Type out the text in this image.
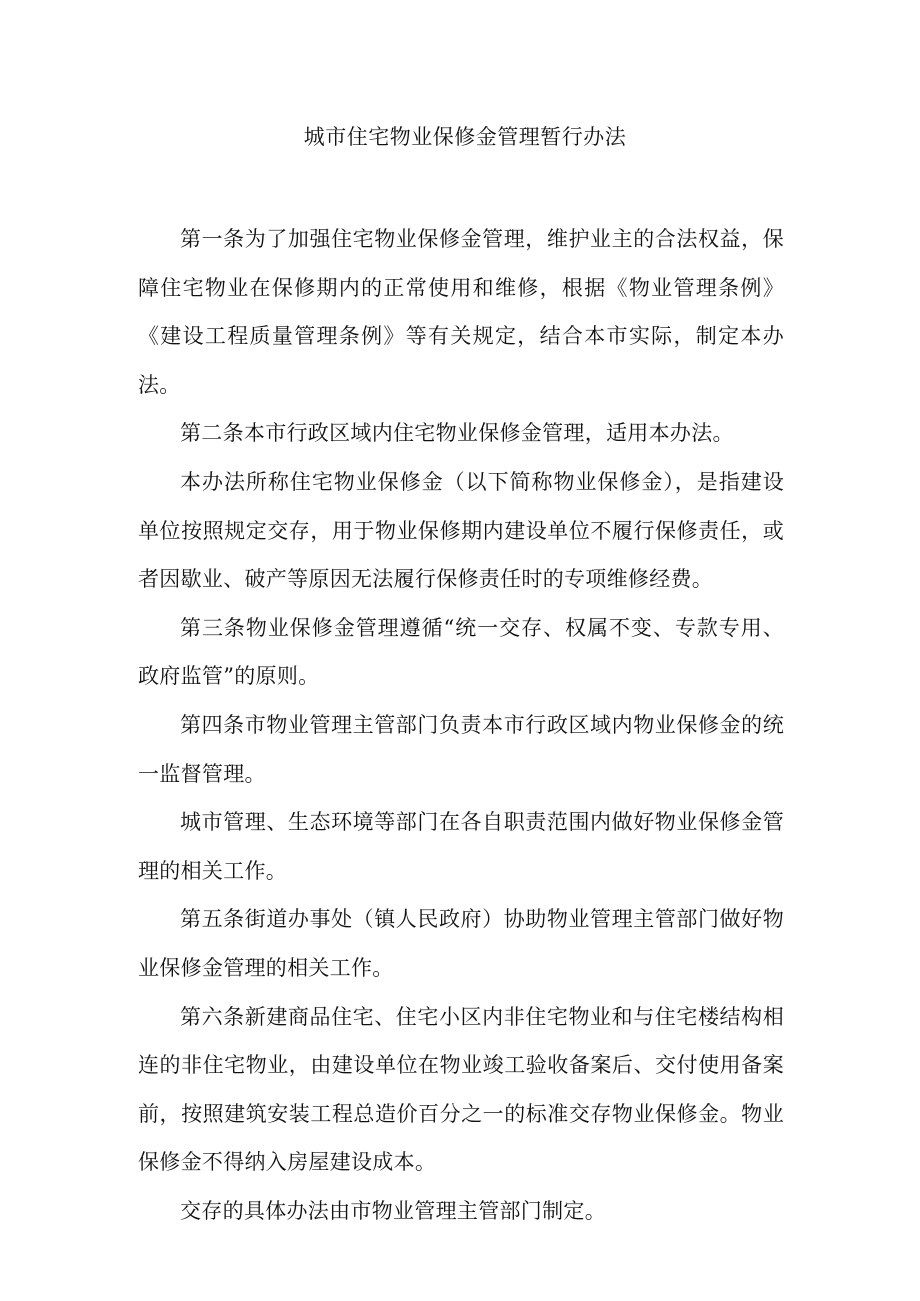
城市住宅物业保修金管理暂行办法

第一条为了加强住宅物业保修金管理，维护业主的合法权益，保障住宅物业在保修期内的正常使用和维修，根据《物业管理条例》《建设工程质量管理条例》等有关规定，结合本市实际，制定本办法。

第二条本市行政区域内住宅物业保修金管理，适用本办法。

本办法所称住宅物业保修金（以下简称物业保修金），是指建设单位按照规定交存，用于物业保修期内建设单位不履行保修责任，或者因歇业、破产等原因无法履行保修责任时的专项维修经费。

第三条物业保修金管理遵循“统一交存、权属不变、专款专用、政府监管”的原则。

第四条市物业管理主管部门负责本市行政区域内物业保修金的统一监督管理。

城市管理、生态环境等部门在各自职责范围内做好物业保修金管理的相关工作。

第五条街道办事处（镇人民政府）协助物业管理主管部门做好物业保修金管理的相关工作。

第六条新建商品住宅、住宅小区内非住宅物业和与住宅楼结构相连的非住宅物业，由建设单位在物业竣工验收备案后、交付使用备案前，按照建筑安装工程总造价百分之一的标准交存物业保修金。物业保修金不得纳入房屋建设成本。

交存的具体办法由市物业管理主管部门制定。
